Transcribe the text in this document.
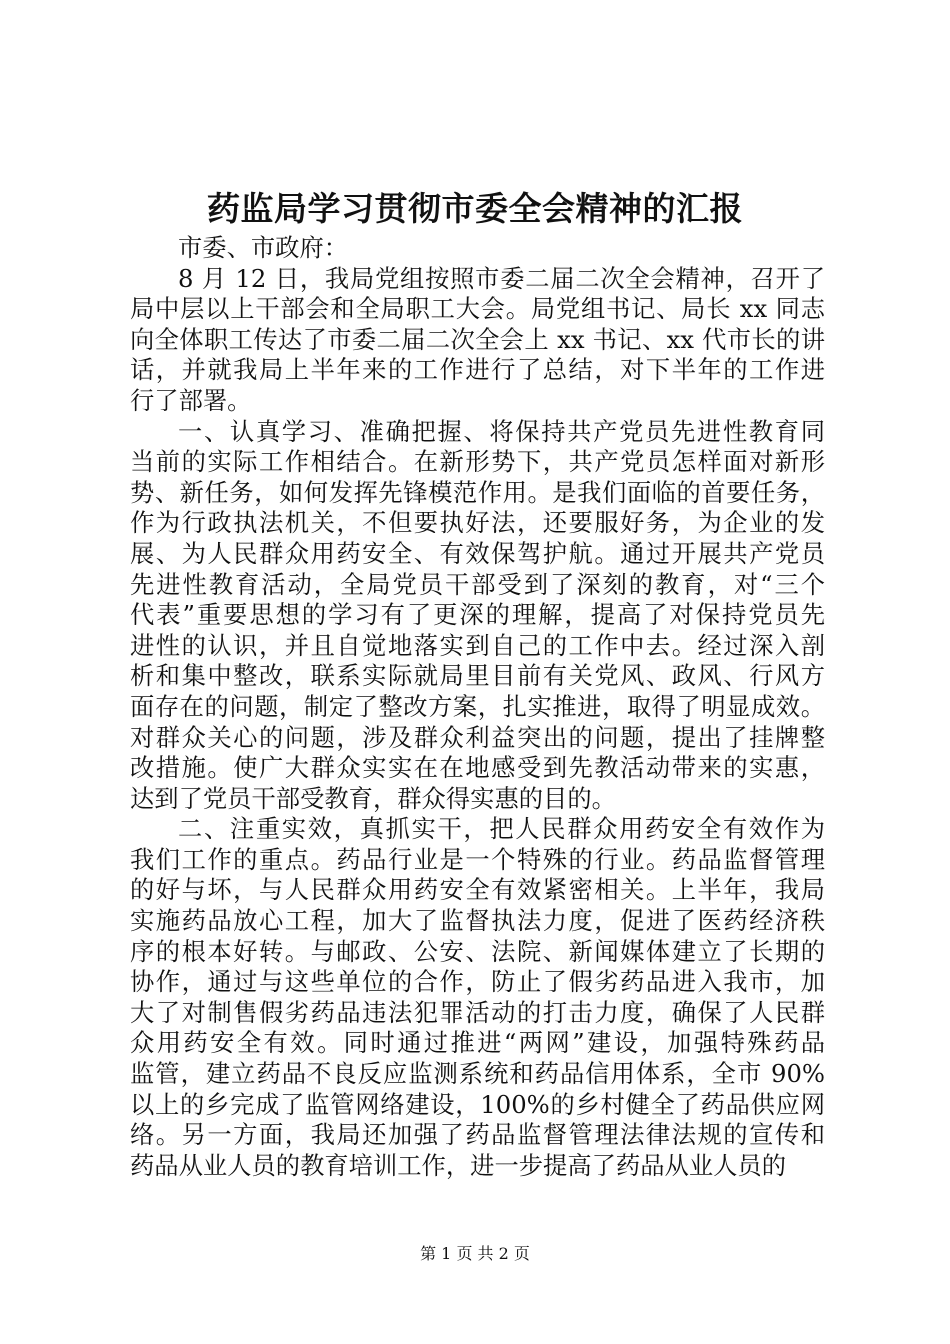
药监局学习贯彻市委全会精神的汇报
市委、市政府：
8 月 12 日，我局党组按照市委二届二次全会精神，召开了
局中层以上干部会和全局职工大会。局党组书记、局长 xx 同志
向全体职工传达了市委二届二次全会上 xx 书记、xx 代市长的讲
话，并就我局上半年来的工作进行了总结，对下半年的工作进
行了部署。
一、认真学习、准确把握、将保持共产党员先进性教育同
当前的实际工作相结合。在新形势下，共产党员怎样面对新形
势、新任务，如何发挥先锋模范作用。是我们面临的首要任务，
作为行政执法机关，不但要执好法，还要服好务，为企业的发
展、为人民群众用药安全、有效保驾护航。通过开展共产党员
先进性教育活动，全局党员干部受到了深刻的教育，对“三个
代表”重要思想的学习有了更深的理解，提高了对保持党员先
进性的认识，并且自觉地落实到自己的工作中去。经过深入剖
析和集中整改，联系实际就局里目前有关党风、政风、行风方
面存在的问题，制定了整改方案，扎实推进，取得了明显成效。
对群众关心的问题，涉及群众利益突出的问题，提出了挂牌整
改措施。使广大群众实实在在地感受到先教活动带来的实惠，
达到了党员干部受教育，群众得实惠的目的。
二、注重实效，真抓实干，把人民群众用药安全有效作为
我们工作的重点。药品行业是一个特殊的行业。药品监督管理
的好与坏，与人民群众用药安全有效紧密相关。上半年，我局
实施药品放心工程，加大了监督执法力度，促进了医药经济秩
序的根本好转。与邮政、公安、法院、新闻媒体建立了长期的
协作，通过与这些单位的合作，防止了假劣药品进入我市，加
大了对制售假劣药品违法犯罪活动的打击力度，确保了人民群
众用药安全有效。同时通过推进“两网”建设，加强特殊药品
监管，建立药品不良反应监测系统和药品信用体系，全市 90%
以上的乡完成了监管网络建设，100%的乡村健全了药品供应网
络。另一方面，我局还加强了药品监督管理法律法规的宣传和
药品从业人员的教育培训工作，进一步提高了药品从业人员的
第 1 页 共 2 页
